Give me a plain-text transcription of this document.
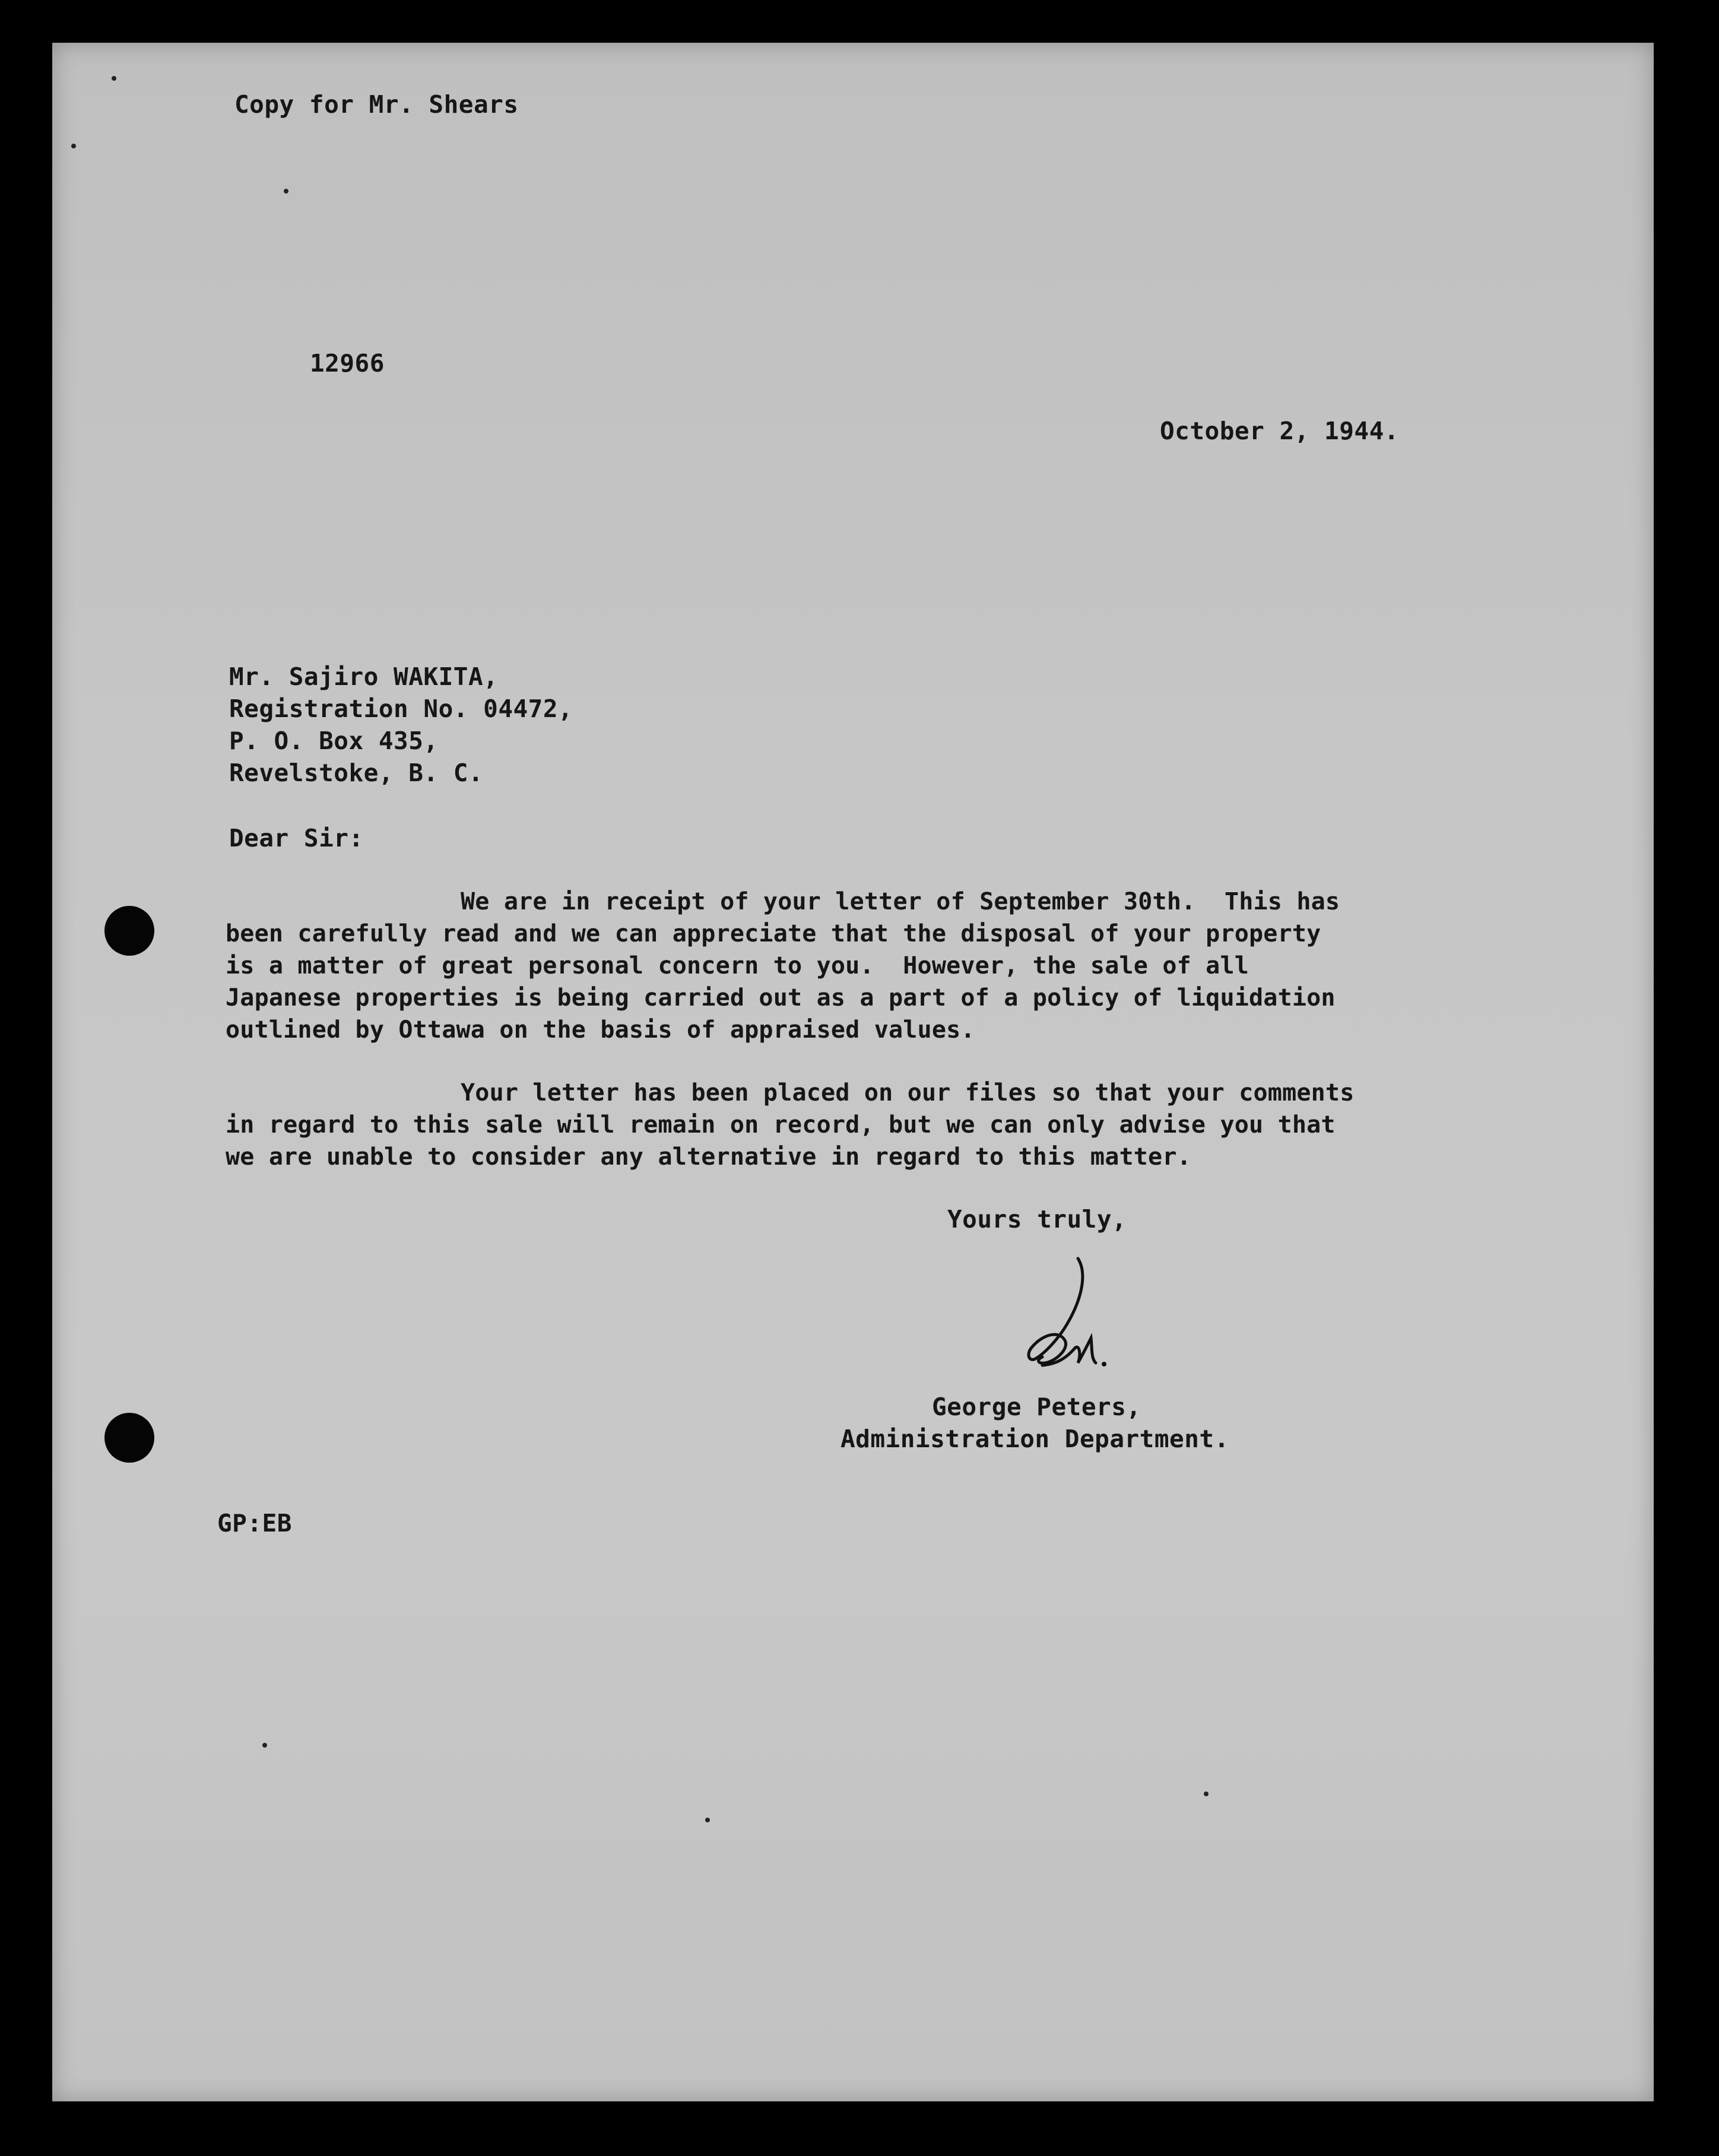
Copy for Mr. Shears
12966
October 2, 1944.
Mr. Sajiro WAKITA,
Registration No. 04472,
P. O. Box 435,
Revelstoke, B. C.
Dear Sir:
We are in receipt of your letter of September 30th.  This has
been carefully read and we can appreciate that the disposal of your property
is a matter of great personal concern to you.  However, the sale of all
Japanese properties is being carried out as a part of a policy of liquidation
outlined by Ottawa on the basis of appraised values.
Your letter has been placed on our files so that your comments
in regard to this sale will remain on record, but we can only advise you that
we are unable to consider any alternative in regard to this matter.
Yours truly,
George Peters,
Administration Department.
GP:EB
